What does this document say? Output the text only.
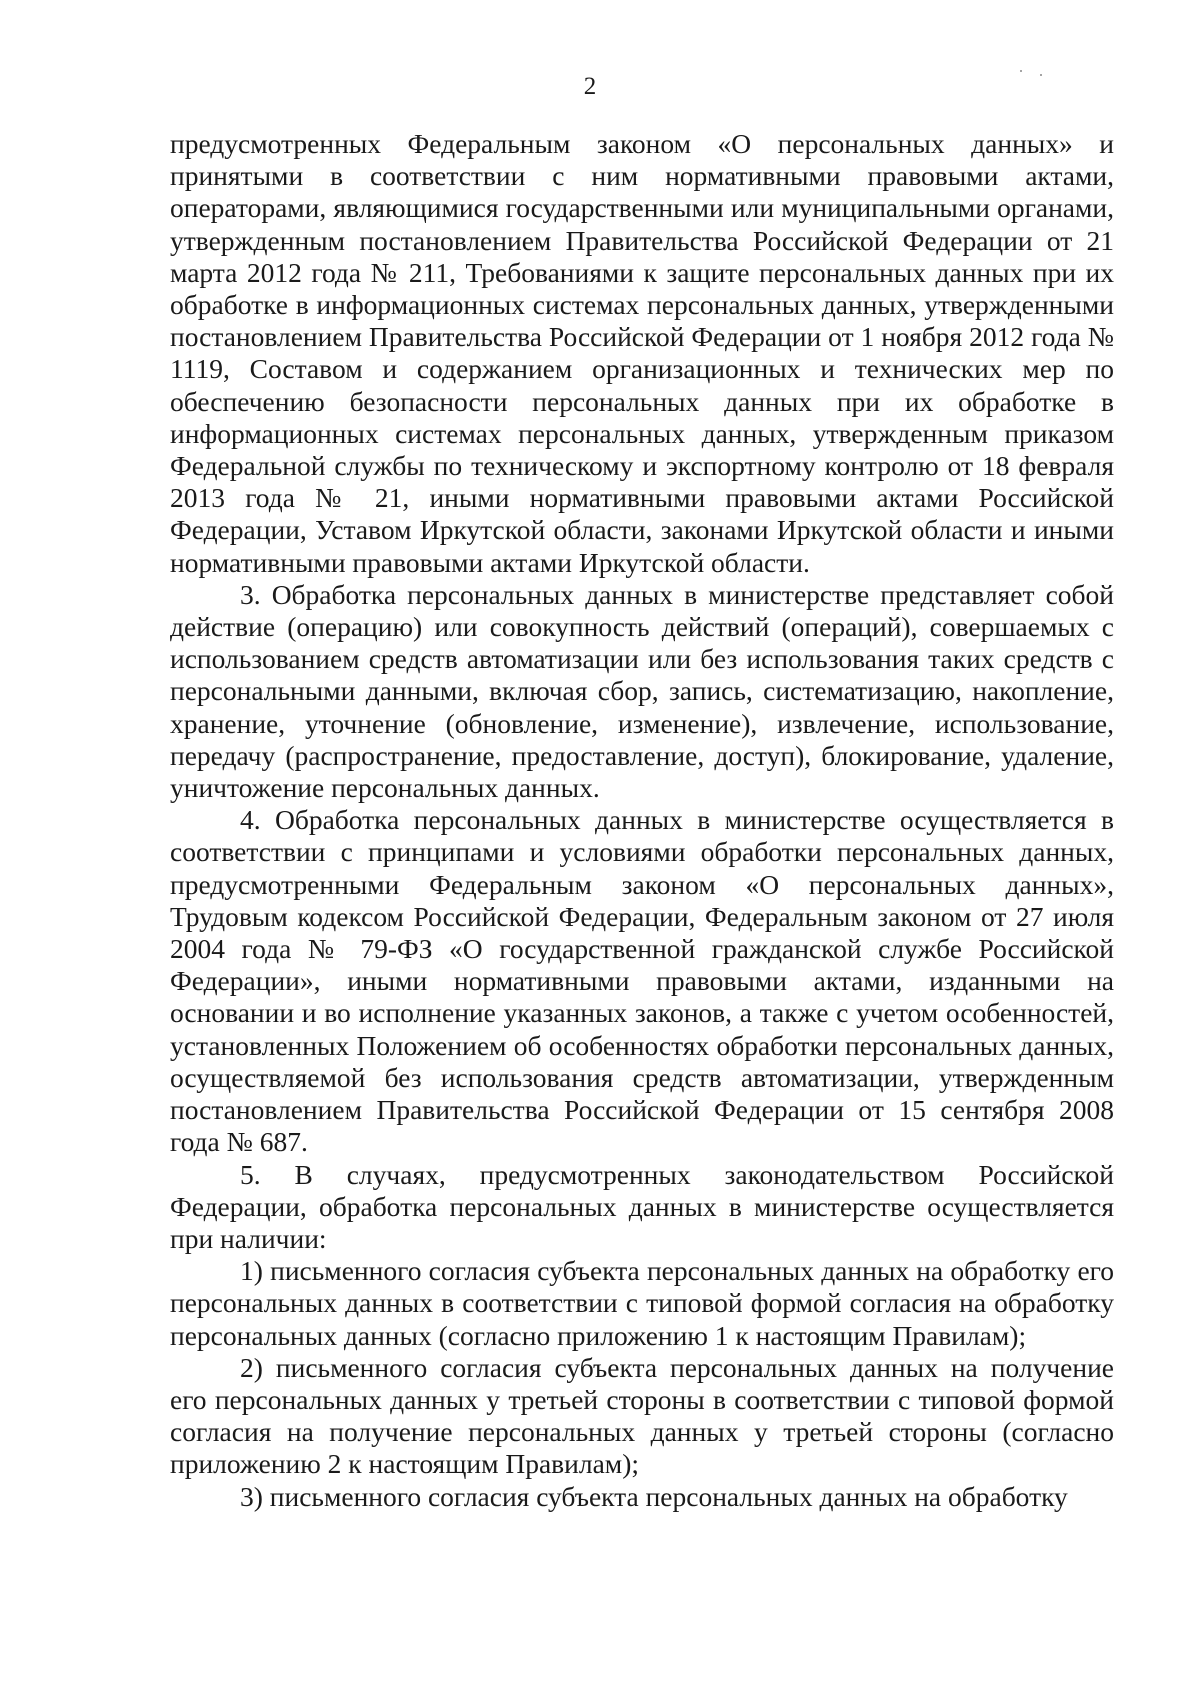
2

предусмотренных Федеральным законом «О персональных данных» и принятыми в соответствии с ним нормативными правовыми актами, операторами, являющимися государственными или муниципальными органами, утвержденным постановлением Правительства Российской Федерации от 21 марта 2012 года № 211, Требованиями к защите персональных данных при их обработке в информационных системах персональных данных, утвержденными постановлением Правительства Российской Федерации от 1 ноября 2012 года № 1119, Составом и содержанием организационных и технических мер по обеспечению безопасности персональных данных при их обработке в информационных системах персональных данных, утвержденным приказом Федеральной службы по техническому и экспортному контролю от 18 февраля 2013 года № 21, иными нормативными правовыми актами Российской Федерации, Уставом Иркутской области, законами Иркутской области и иными нормативными правовыми актами Иркутской области.

3. Обработка персональных данных в министерстве представляет собой действие (операцию) или совокупность действий (операций), совершаемых с использованием средств автоматизации или без использования таких средств с персональными данными, включая сбор, запись, систематизацию, накопление, хранение, уточнение (обновление, изменение), извлечение, использование, передачу (распространение, предоставление, доступ), блокирование, удаление, уничтожение персональных данных.

4. Обработка персональных данных в министерстве осуществляется в соответствии с принципами и условиями обработки персональных данных, предусмотренными Федеральным законом «О персональных данных», Трудовым кодексом Российской Федерации, Федеральным законом от 27 июля 2004 года № 79-ФЗ «О государственной гражданской службе Российской Федерации», иными нормативными правовыми актами, изданными на основании и во исполнение указанных законов, а также с учетом особенностей, установленных Положением об особенностях обработки персональных данных, осуществляемой без использования средств автоматизации, утвержденным постановлением Правительства Российской Федерации от 15 сентября 2008 года № 687.

5. В случаях, предусмотренных законодательством Российской Федерации, обработка персональных данных в министерстве осуществляется при наличии:

1) письменного согласия субъекта персональных данных на обработку его персональных данных в соответствии с типовой формой согласия на обработку персональных данных (согласно приложению 1 к настоящим Правилам);

2) письменного согласия субъекта персональных данных на получение его персональных данных у третьей стороны в соответствии с типовой формой согласия на получение персональных данных у третьей стороны (согласно приложению 2 к настоящим Правилам);

3) письменного согласия субъекта персональных данных на обработку
